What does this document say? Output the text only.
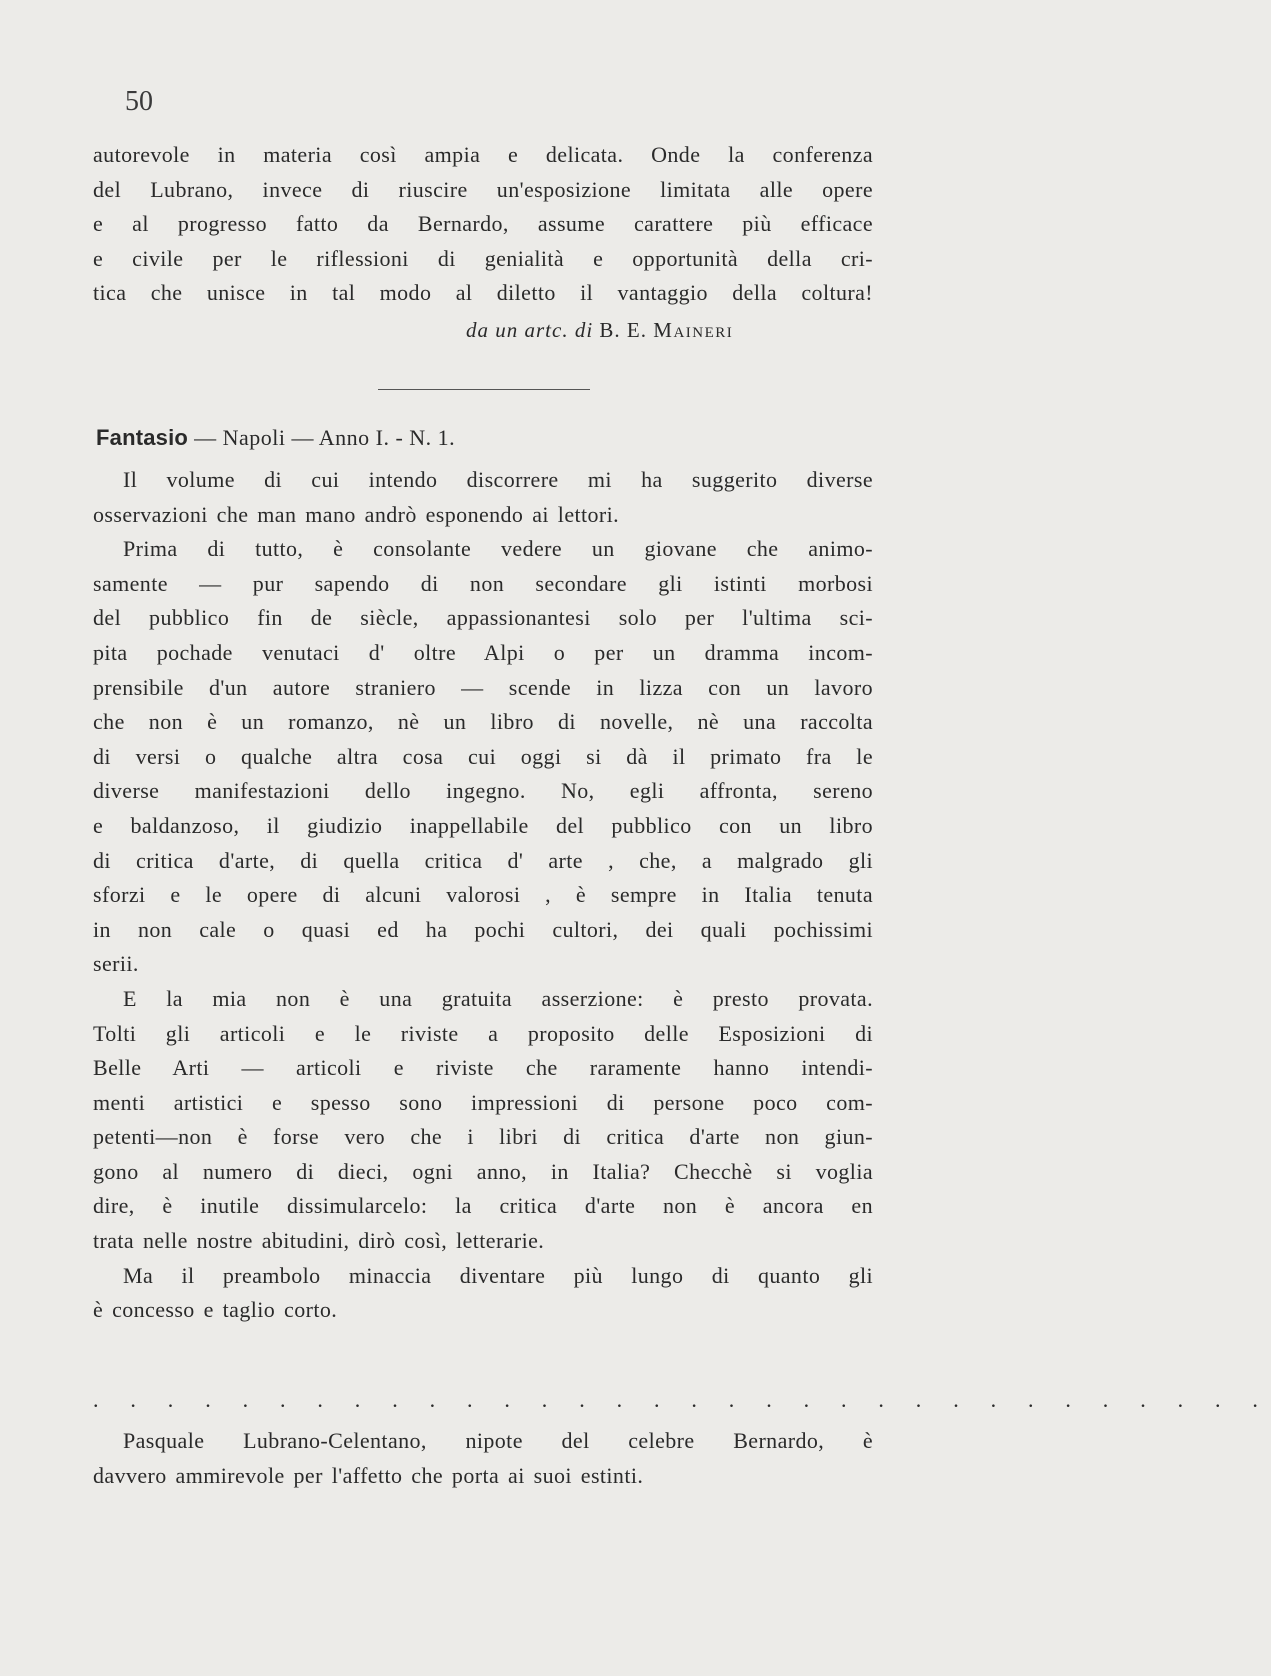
50
autorevole in materia così ampia e delicata. Onde la conferenza
del Lubrano, invece di riuscire un'esposizione limitata alle opere
e al progresso fatto da Bernardo, assume carattere più efficace
e civile per le riflessioni di genialità e opportunità della cri-
tica che unisce in tal modo al diletto il vantaggio della coltura!
da un artc. di B. E. Maineri
Fantasio — Napoli — Anno I. - N. 1.
Il volume di cui intendo discorrere mi ha suggerito diverse
osservazioni che man mano andrò esponendo ai lettori.
Prima di tutto, è consolante vedere un giovane che animo-
samente — pur sapendo di non secondare gli istinti morbosi
del pubblico fin de siècle, appassionantesi solo per l'ultima sci-
pita pochade venutaci d' oltre Alpi o per un dramma incom-
prensibile d'un autore straniero — scende in lizza con un lavoro
che non è un romanzo, nè un libro di novelle, nè una raccolta
di versi o qualche altra cosa cui oggi si dà il primato fra le
diverse manifestazioni dello ingegno. No, egli affronta, sereno
e baldanzoso, il giudizio inappellabile del pubblico con un libro
di critica d'arte, di quella critica d' arte , che, a malgrado gli
sforzi e le opere di alcuni valorosi , è sempre in Italia tenuta
in non cale o quasi ed ha pochi cultori, dei quali pochissimi
serii.
E la mia non è una gratuita asserzione: è presto provata.
Tolti gli articoli e le riviste a proposito delle Esposizioni di
Belle Arti — articoli e riviste che raramente hanno intendi-
menti artistici e spesso sono impressioni di persone poco com-
petenti—non è forse vero che i libri di critica d'arte non giun-
gono al numero di dieci, ogni anno, in Italia? Checchè si voglia
dire, è inutile dissimularcelo: la critica d'arte non è ancora en
trata nelle nostre abitudini, dirò così, letterarie.
Ma il preambolo minaccia diventare più lungo di quanto gli
è concesso e taglio corto.
. . . . . . . . . . . . . . . . . . . . . . . . . . . . . . . .
Pasquale Lubrano-Celentano, nipote del celebre Bernardo, è
davvero ammirevole per l'affetto che porta ai suoi estinti.
